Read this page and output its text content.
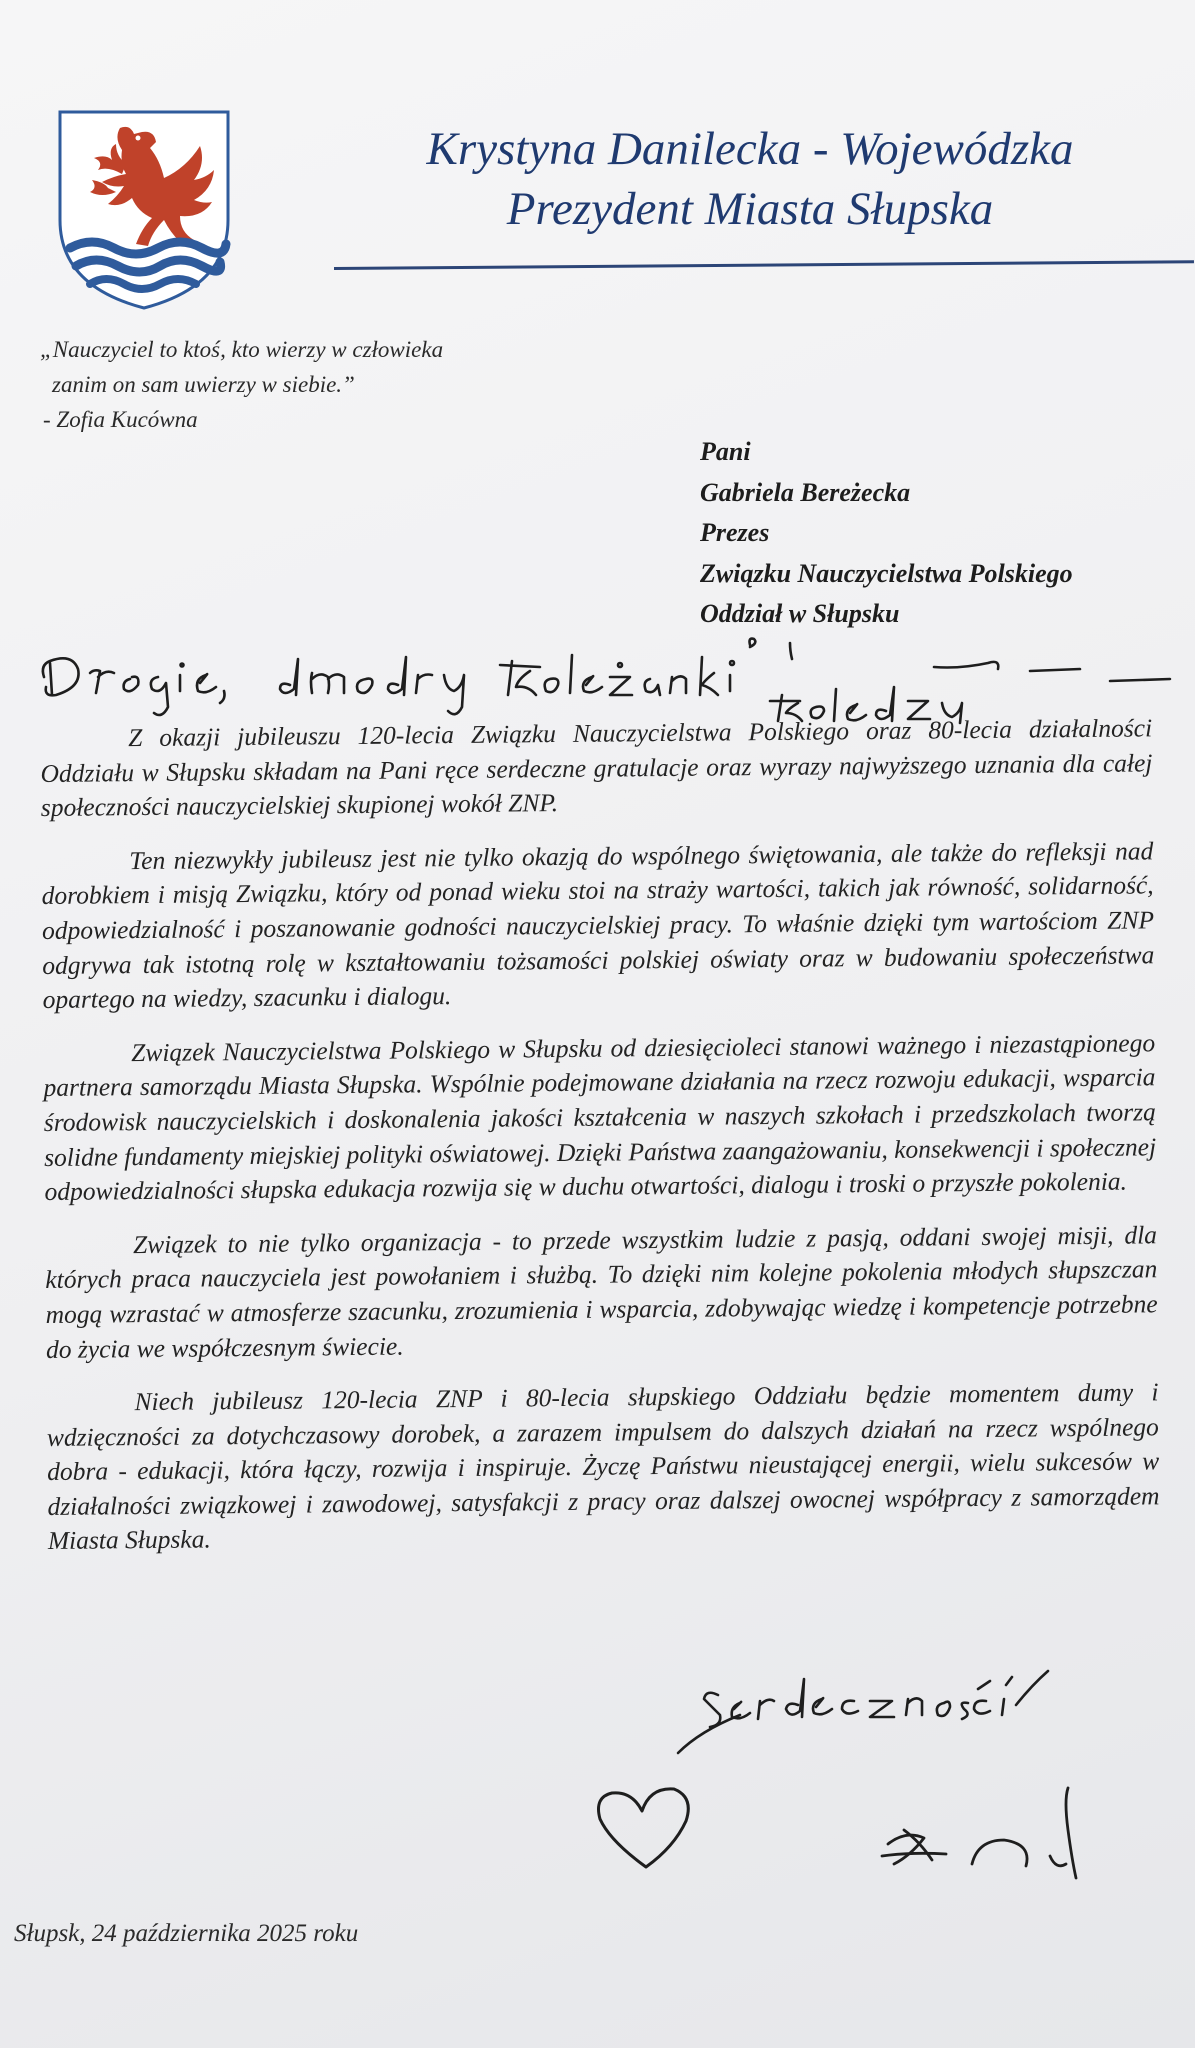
Krystyna Danilecka - Wojewódzka
Prezydent Miasta Słupska
„Nauczyciel to ktoś, kto wierzy w człowieka
zanim on sam uwierzy w siebie.”
- Zofia Kucówna
Pani
Gabriela Bereżecka
Prezes
Związku Nauczycielstwa Polskiego
Oddział w Słupsku

Z okazji jubileuszu 120-lecia Związku Nauczycielstwa Polskiego oraz 80-lecia działalności Oddziału w Słupsku składam na Pani ręce serdeczne gratulacje oraz wyrazy najwyższego uznania dla całej społeczności nauczycielskiej skupionej wokół ZNP.

Ten niezwykły jubileusz jest nie tylko okazją do wspólnego świętowania, ale także do refleksji nad dorobkiem i misją Związku, który od ponad wieku stoi na straży wartości, takich jak równość, solidarność, odpowiedzialność i poszanowanie godności nauczycielskiej pracy. To właśnie dzięki tym wartościom ZNP odgrywa tak istotną rolę w kształtowaniu tożsamości polskiej oświaty oraz w budowaniu społeczeństwa opartego na wiedzy, szacunku i dialogu.

Związek Nauczycielstwa Polskiego w Słupsku od dziesięcioleci stanowi ważnego i niezastąpionego partnera samorządu Miasta Słupska. Wspólnie podejmowane działania na rzecz rozwoju edukacji, wsparcia środowisk nauczycielskich i doskonalenia jakości kształcenia w naszych szkołach i przedszkolach tworzą solidne fundamenty miejskiej polityki oświatowej. Dzięki Państwa zaangażowaniu, konsekwencji i społecznej odpowiedzialności słupska edukacja rozwija się w duchu otwartości, dialogu i troski o przyszłe pokolenia.

Związek to nie tylko organizacja - to przede wszystkim ludzie z pasją, oddani swojej misji, dla których praca nauczyciela jest powołaniem i służbą. To dzięki nim kolejne pokolenia młodych słupszczan mogą wzrastać w atmosferze szacunku, zrozumienia i wsparcia, zdobywając wiedzę i kompetencje potrzebne do życia we współczesnym świecie.

Niech jubileusz 120-lecia ZNP i 80-lecia słupskiego Oddziału będzie momentem dumy i wdzięczności za dotychczasowy dorobek, a zarazem impulsem do dalszych działań na rzecz wspólnego dobra - edukacji, która łączy, rozwija i inspiruje. Życzę Państwu nieustającej energii, wielu sukcesów w działalności związkowej i zawodowej, satysfakcji z pracy oraz dalszej owocnej współpracy z samorządem Miasta Słupska.

Słupsk, 24 października 2025 roku
